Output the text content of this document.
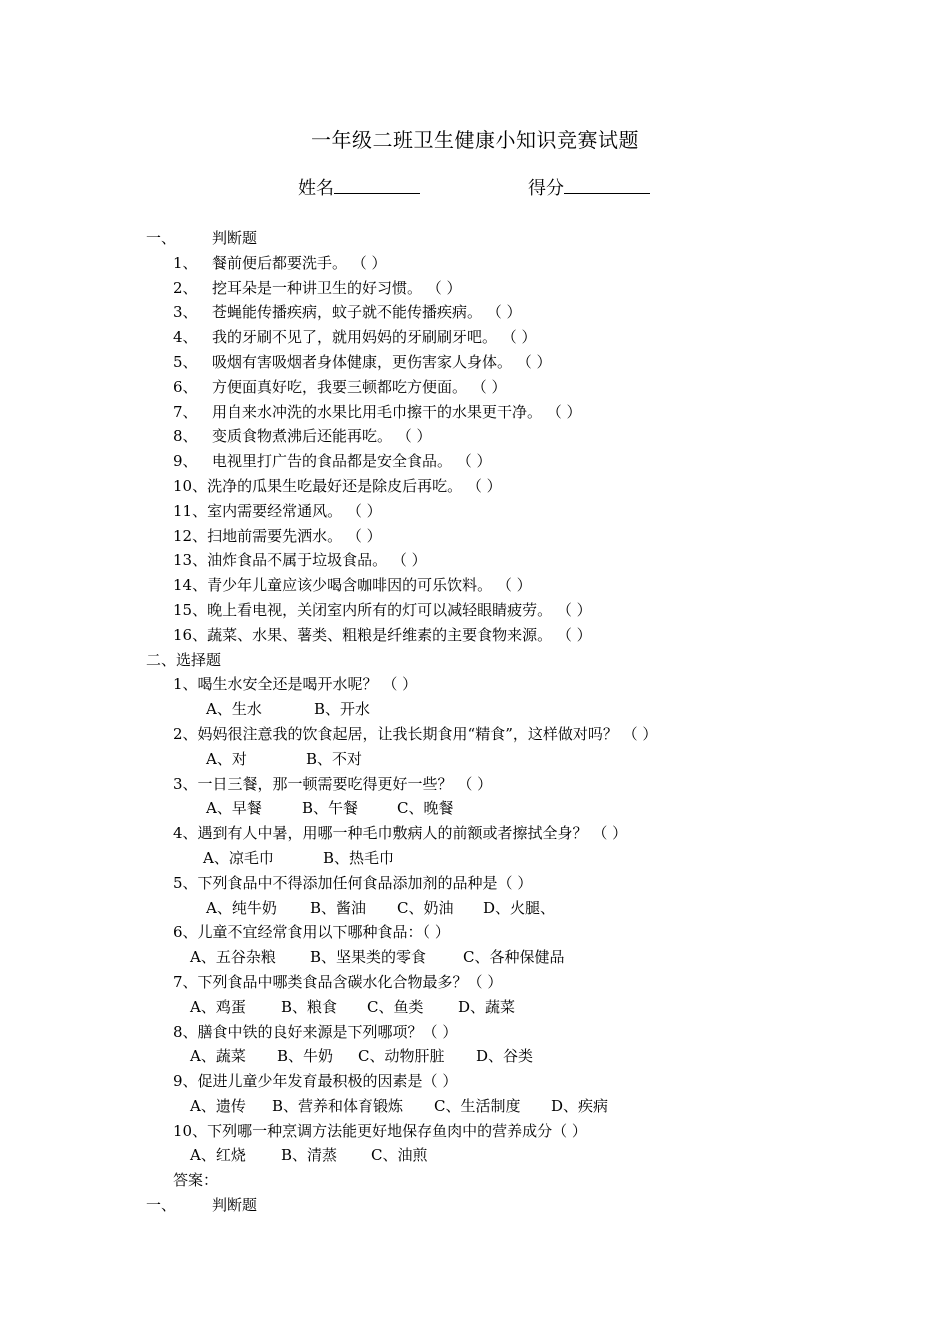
一年级二班卫生健康小知识竞赛试题
姓名	得分
一、 判断题
1、 餐前便后都要洗手。 （ ）
2、 挖耳朵是一种讲卫生的好习惯。 （ ）
3、 苍蝇能传播疾病，蚊子就不能传播疾病。 （ ）
4、 我的牙刷不见了，就用妈妈的牙刷刷牙吧。 （ ）
5、 吸烟有害吸烟者身体健康，更伤害家人身体。 （ ）
6、 方便面真好吃，我要三顿都吃方便面。 （ ）
7、 用自来水冲洗的水果比用毛巾擦干的水果更干净。 （ ）
8、 变质食物煮沸后还能再吃。 （ ）
9、 电视里打广告的食品都是安全食品。 （ ）
10、洗净的瓜果生吃最好还是除皮后再吃。 （ ）
11、室内需要经常通风。 （ ）
12、扫地前需要先洒水。 （ ）
13、油炸食品不属于垃圾食品。 （ ）
14、青少年儿童应该少喝含咖啡因的可乐饮料。 （ ）
15、晚上看电视，关闭室内所有的灯可以减轻眼睛疲劳。 （ ）
16、蔬菜、水果、薯类、粗粮是纤维素的主要食物来源。 （ ）
二、选择题
1、喝生水安全还是喝开水呢？ （ ）
A、生水	B、开水
2、妈妈很注意我的饮食起居，让我长期食用“精食”，这样做对吗？ （ ）
A、对	B、不对
3、一日三餐，那一顿需要吃得更好一些？ （ ）
A、早餐	B、午餐	C、晚餐
4、遇到有人中暑，用哪一种毛巾敷病人的前额或者擦拭全身？ （ ）
A、凉毛巾	B、热毛巾
5、下列食品中不得添加任何食品添加剂的品种是（ ）
A、纯牛奶 B、酱油 C、奶油 D、火腿、
6、儿童不宜经常食用以下哪种食品：（ ）
A、五谷杂粮 B、坚果类的零食 C、各种保健品
7、下列食品中哪类食品含碳水化合物最多？（ ）
A、鸡蛋 B、粮食 C、鱼类 D、蔬菜
8、膳食中铁的良好来源是下列哪项？（ ）
A、蔬菜 B、牛奶 C、动物肝脏 D、谷类
9、促进儿童少年发育最积极的因素是（ ）
A、遗传 B、营养和体育锻炼 C、生活制度 D、疾病
10、下列哪一种烹调方法能更好地保存鱼肉中的营养成分（ ）
A、红烧 B、清蒸 C、油煎
答案：
一、 判断题
